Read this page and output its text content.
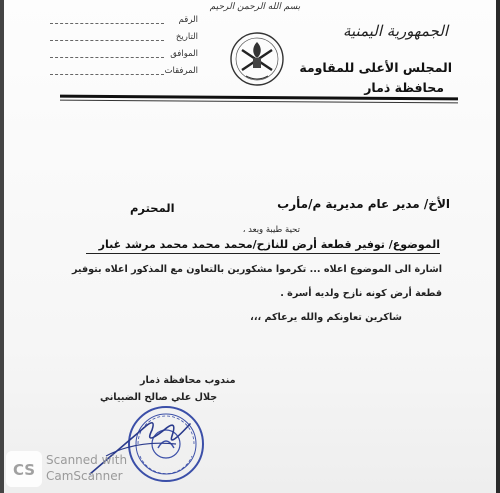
الرقم
التاريخ
الموافق
المرفقات
بسم الله الرحمن الرحيم
الجمهورية اليمنية
المجلس الأعلى للمقاومة
محافظة ذمار
الأخ/ مدير عام مديرية م/مأرب
المحترم
تحية طيبة وبعد ،
الموضوع/ توفير قطعة أرض للنازح/محمد محمد محمد مرشد غبار
اشارة الى الموضوع اعلاه ... تكرموا مشكورين بالتعاون مع المذكور اعلاه بتوفير
قطعة أرض كونه نازح ولديه أسرة .
شاكرين تعاونكم والله يرعاكم ،،،
مندوب محافظة ذمار
جلال علي صالح الضبياني
CS
Scanned with
CamScanner
